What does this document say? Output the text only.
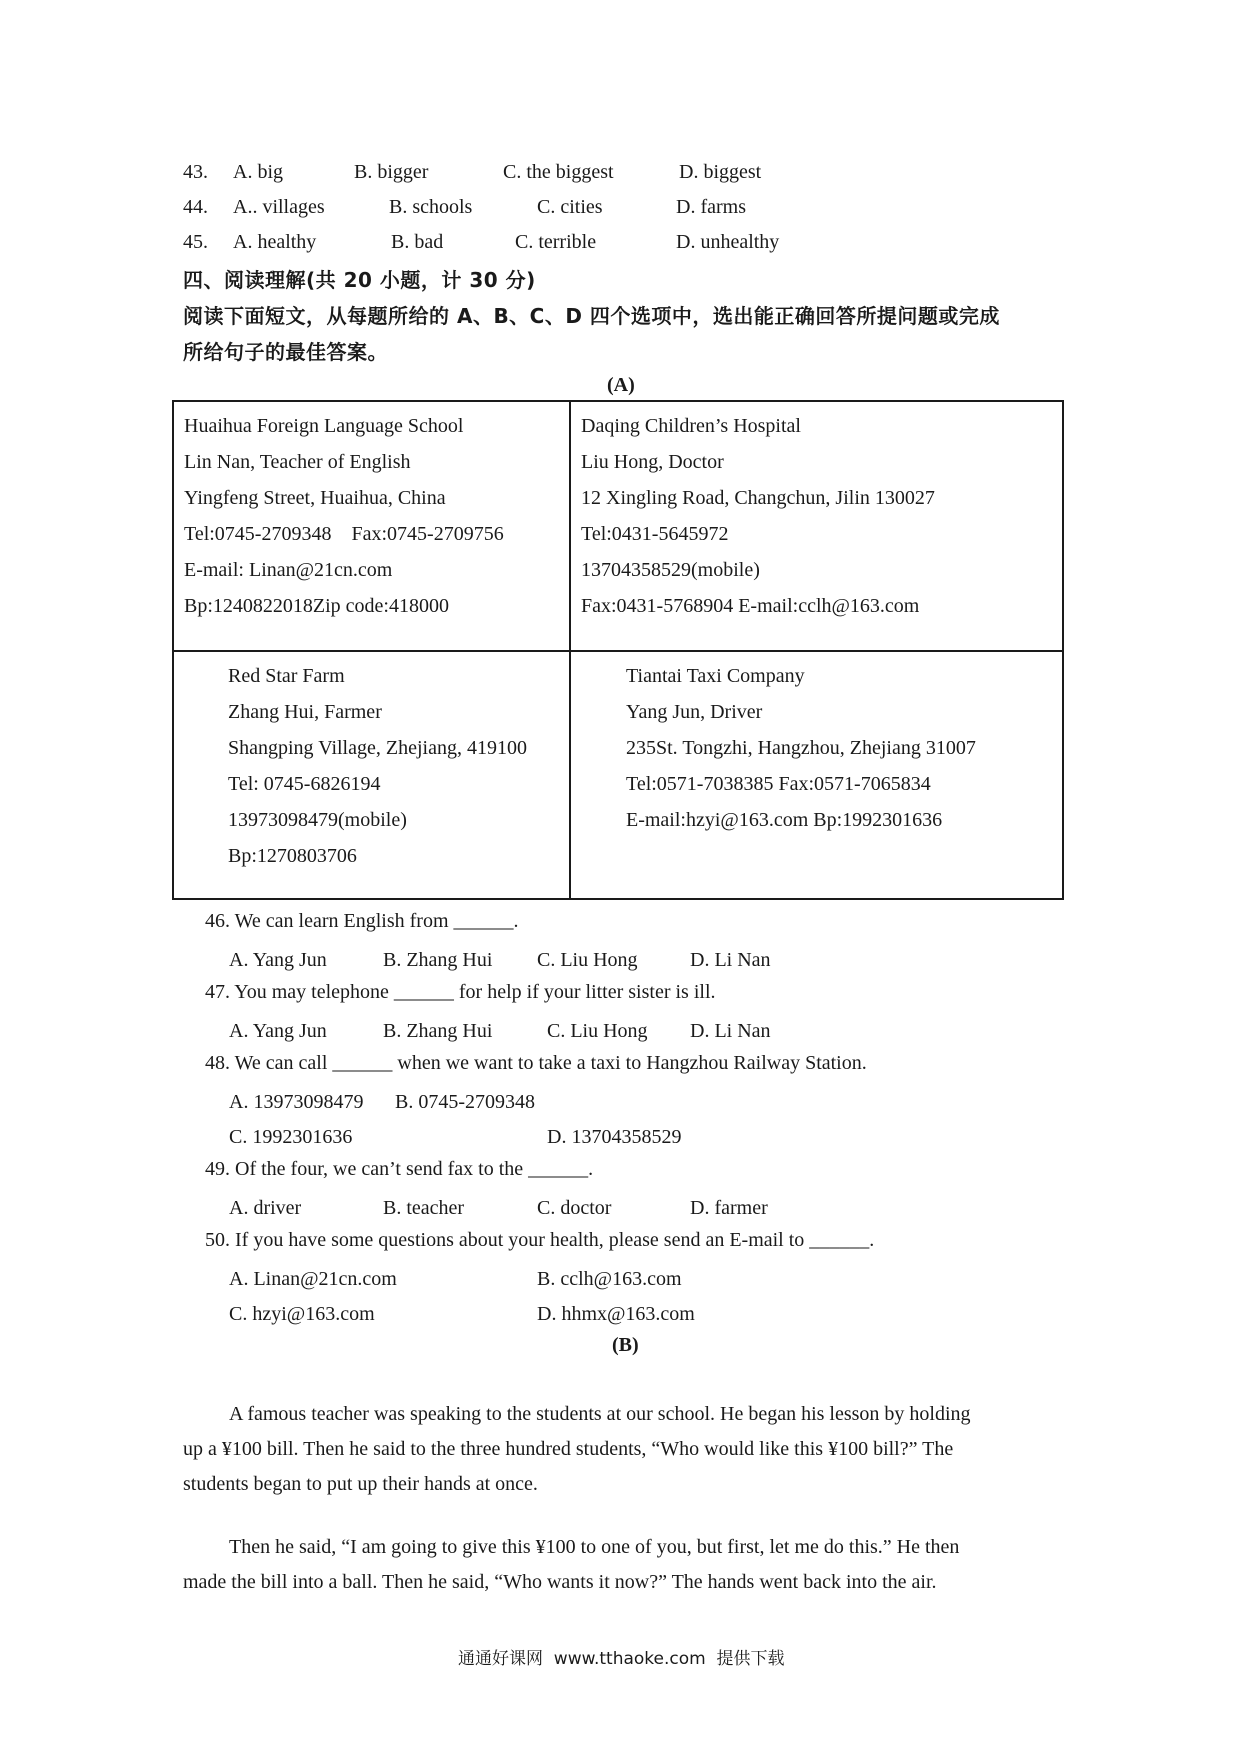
43. A. big	B. bigger	C. the biggest	D. biggest
44. A.. villages	B. schools	C. cities	D. farms
45. A. healthy	B. bad	C. terrible	D. unhealthy
四、阅读理解(共 20 小题，计 30 分)
阅读下面短文，从每题所给的 A、B、C、D 四个选项中，选出能正确回答所提问题或完成
所给句子的最佳答案。
(A)
Huaihua Foreign Language School
Lin Nan, Teacher of English
Yingfeng Street, Huaihua, China
Tel:0745-2709348    Fax:0745-2709756
E-mail: Linan@21cn.com
Bp:1240822018Zip code:418000
Daqing Children’s Hospital
Liu Hong, Doctor
12 Xingling Road, Changchun, Jilin 130027
Tel:0431-5645972
13704358529(mobile)
Fax:0431-5768904 E-mail:cclh@163.com
Red Star Farm
Zhang Hui, Farmer
Shangping Village, Zhejiang, 419100
Tel: 0745-6826194
13973098479(mobile)
Bp:1270803706
Tiantai Taxi Company
Yang Jun, Driver
235St. Tongzhi, Hangzhou, Zhejiang 31007
Tel:0571-7038385 Fax:0571-7065834
E-mail:hzyi@163.com Bp:1992301636
46. We can learn English from ______.
A. Yang Jun	B. Zhang Hui C. Liu Hong	D. Li Nan
47. You may telephone ______ for help if your litter sister is ill.
A. Yang Jun	B. Zhang Hui	C. Liu Hong D. Li Nan
48. We can call ______ when we want to take a taxi to Hangzhou Railway Station.
A. 13973098479 B. 0745-2709348
C. 1992301636	D. 13704358529
49. Of the four, we can’t send fax to the ______.
A. driver	B. teacher	C. doctor	D. farmer
50. If you have some questions about your health, please send an E-mail to ______.
A. Linan@21cn.com	B. cclh@163.com
C. hzyi@163.com	D. hhmx@163.com
(B)
A famous teacher was speaking to the students at our school. He began his lesson by holding
up a ¥100 bill. Then he said to the three hundred students, “Who would like this ¥100 bill?” The
students began to put up their hands at once.
Then he said, “I am going to give this ¥100 to one of you, but first, let me do this.” He then
made the bill into a ball. Then he said, “Who wants it now?” The hands went back into the air.
通通好课网  www.tthaoke.com  提供下载
